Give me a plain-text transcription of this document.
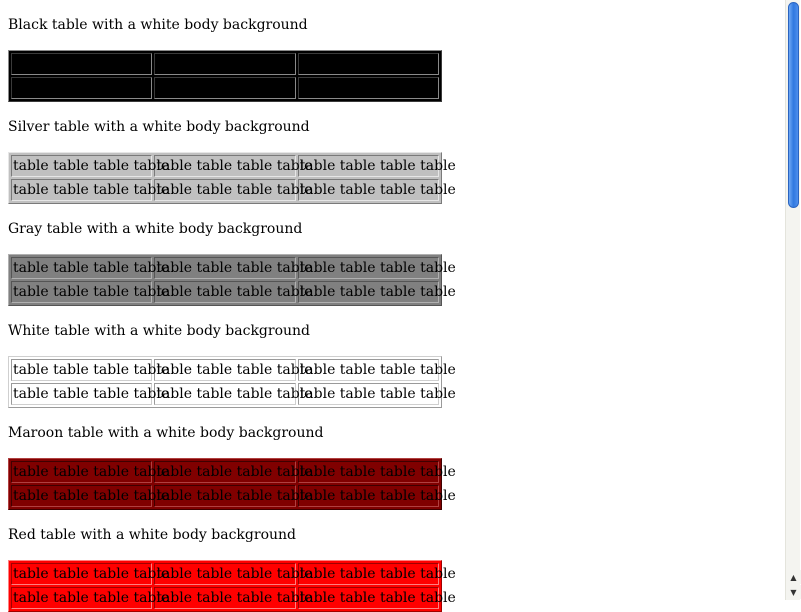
Black table with a white body background

Silver table with a white body background
table table table table	table table table table	table table table table
table table table table	table table table table	table table table table
Gray table with a white body background
table table table table	table table table table	table table table table
table table table table	table table table table	table table table table
White table with a white body background
table table table table	table table table table	table table table table
table table table table	table table table table	table table table table
Maroon table with a white body background
table table table table	table table table table	table table table table
table table table table	table table table table	table table table table
Red table with a white body background
table table table table	table table table table	table table table table
table table table table	table table table table	table table table table
▲
▼
